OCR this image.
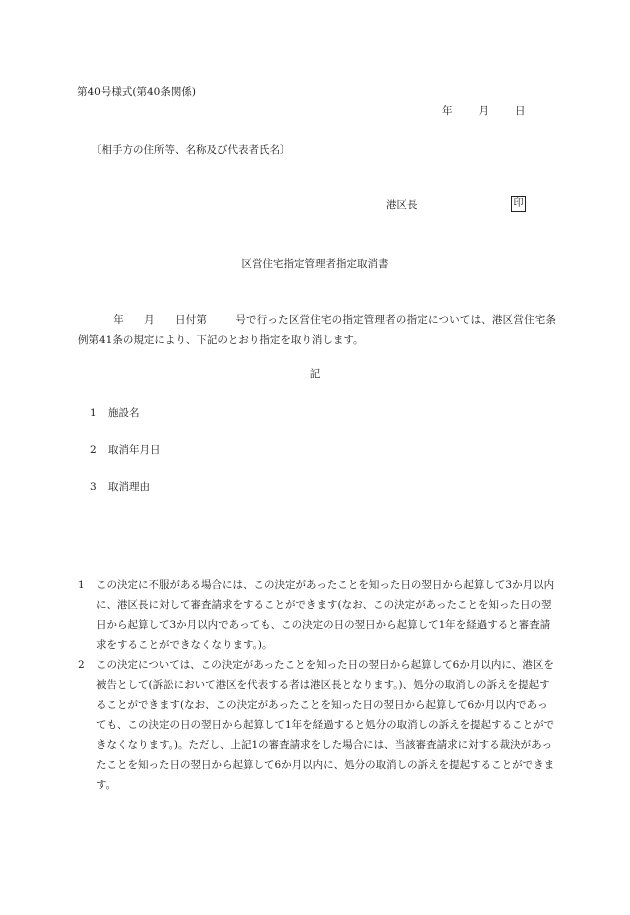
第40号様式(第40条関係)
年 月 日
〔相手方の住所等、名称及び代表者氏名〕
港区長	印
区営住宅指定管理者指定取消書
年 月 日付第	号で行った区営住宅の指定管理者の指定については、港区営住宅条例第41条の規定により、下記のとおり指定を取り消します。
記
1 施設名
2 取消年月日
3 取消理由
1 この決定に不服がある場合には、この決定があったことを知った日の翌日から起算して3か月以内に、港区長に対して審査請求をすることができます(なお、この決定があったことを知った日の翌日から起算して3か月以内であっても、この決定の日の翌日から起算して1年を経過すると審査請求をすることができなくなります。)。
2 この決定については、この決定があったことを知った日の翌日から起算して6か月以内に、港区を被告として(訴訟において港区を代表する者は港区長となります。)、処分の取消しの訴えを提起することができます(なお、この決定があったことを知った日の翌日から起算して6か月以内であっても、この決定の日の翌日から起算して1年を経過すると処分の取消しの訴えを提起することができなくなります。)。ただし、上記1の審査請求をした場合には、当該審査請求に対する裁決があったことを知った日の翌日から起算して6か月以内に、処分の取消しの訴えを提起することができます。
